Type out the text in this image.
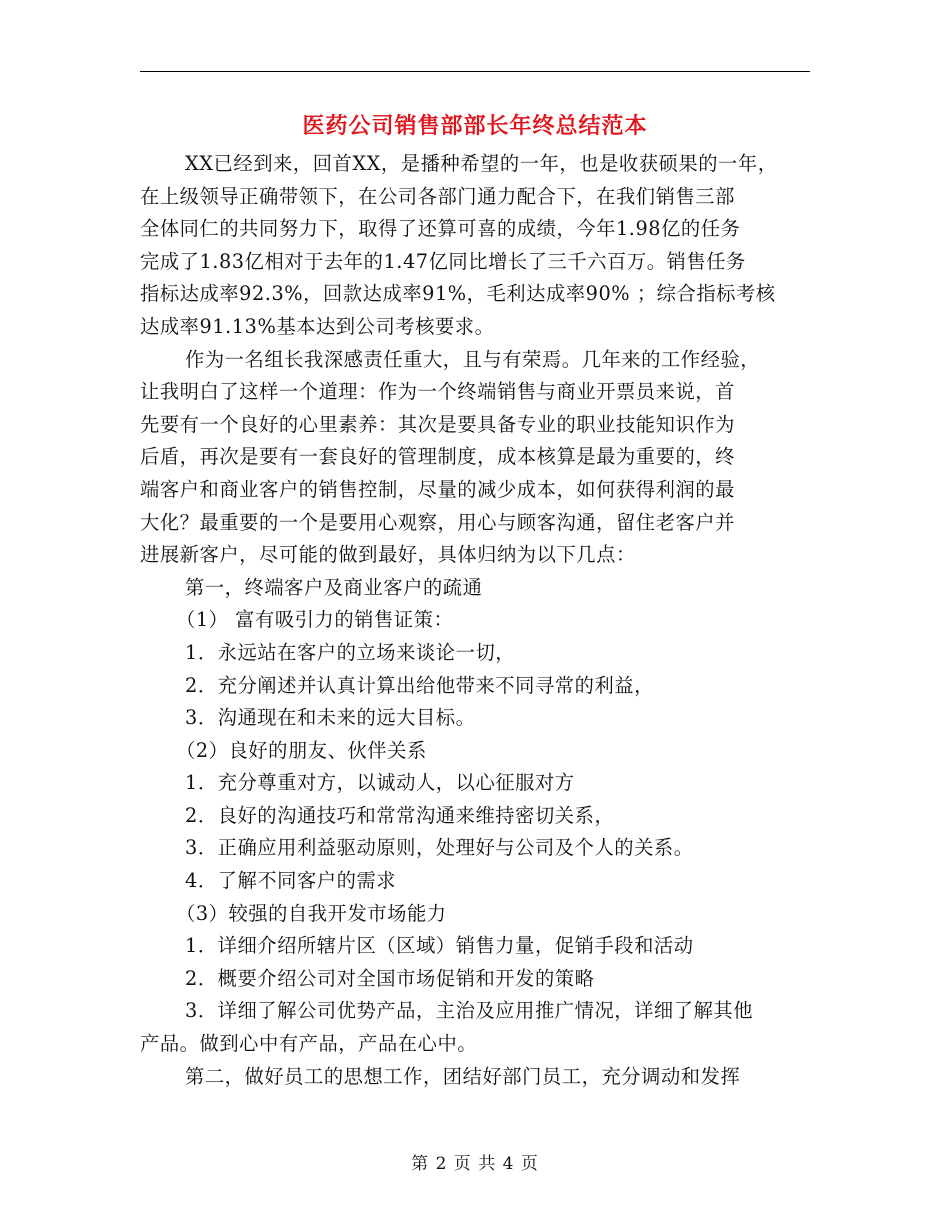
医药公司销售部部长年终总结范本
XX已经到来，回首XX，是播种希望的一年，也是收获硕果的一年，
在上级领导正确带领下，在公司各部门通力配合下，在我们销售三部
全体同仁的共同努力下，取得了还算可喜的成绩，今年1.98亿的任务
完成了1.83亿相对于去年的1.47亿同比增长了三千六百万。销售任务
指标达成率92.3%，回款达成率91%，毛利达成率90% ；综合指标考核
达成率91.13%基本达到公司考核要求。
作为一名组长我深感责任重大，且与有荣焉。几年来的工作经验，
让我明白了这样一个道理：作为一个终端销售与商业开票员来说，首
先要有一个良好的心里素养：其次是要具备专业的职业技能知识作为
后盾，再次是要有一套良好的管理制度，成本核算是最为重要的，终
端客户和商业客户的销售控制，尽量的减少成本，如何获得利润的最
大化？最重要的一个是要用心观察，用心与顾客沟通，留住老客户并
进展新客户，尽可能的做到最好，具体归纳为以下几点：
第一，终端客户及商业客户的疏通
（1） 富有吸引力的销售证策：
1．永远站在客户的立场来谈论一切，
2．充分阐述并认真计算出给他带来不同寻常的利益，
3．沟通现在和未来的远大目标。
（2）良好的朋友、伙伴关系
1．充分尊重对方，以诚动人，以心征服对方
2．良好的沟通技巧和常常沟通来维持密切关系，
3．正确应用利益驱动原则，处理好与公司及个人的关系。
4．了解不同客户的需求
（3）较强的自我开发市场能力
1．详细介绍所辖片区（区域）销售力量，促销手段和活动
2．概要介绍公司对全国市场促销和开发的策略
3．详细了解公司优势产品，主治及应用推广情况，详细了解其他
产品。做到心中有产品，产品在心中。
第二，做好员工的思想工作，团结好部门员工，充分调动和发挥
第 2 页 共 4 页
